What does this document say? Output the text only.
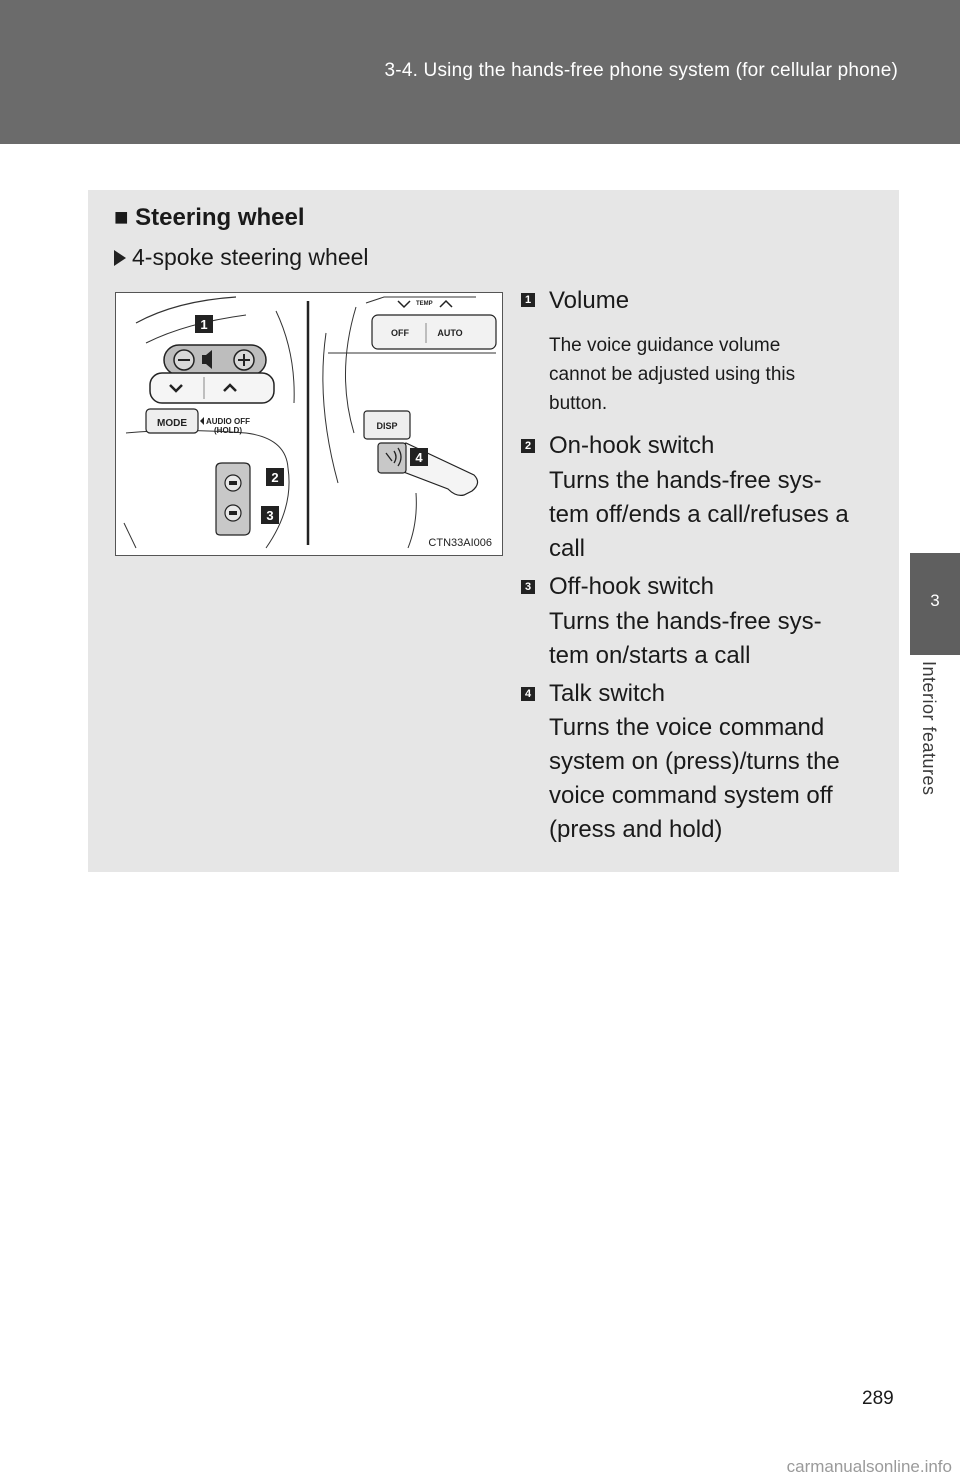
3-4. Using the hands-free phone system (for cellular phone)
3
Interior features
■ Steering wheel
4-spoke steering wheel
MODE AUDIO OFF
(HOLD)
TEMP
OFF	AUTO
DISP
1
2
3
4
CTN33AI006
1 Volume
The voice guidance volume
cannot be adjusted using this
button.
2 On-hook switch
Turns the hands-free sys-
tem off/ends a call/refuses a
call
3 Off-hook switch
Turns the hands-free sys-
tem on/starts a call
4 Talk switch
Turns the voice command
system on (press)/turns the
voice command system off
(press and hold)
289
carmanualsonline.info
